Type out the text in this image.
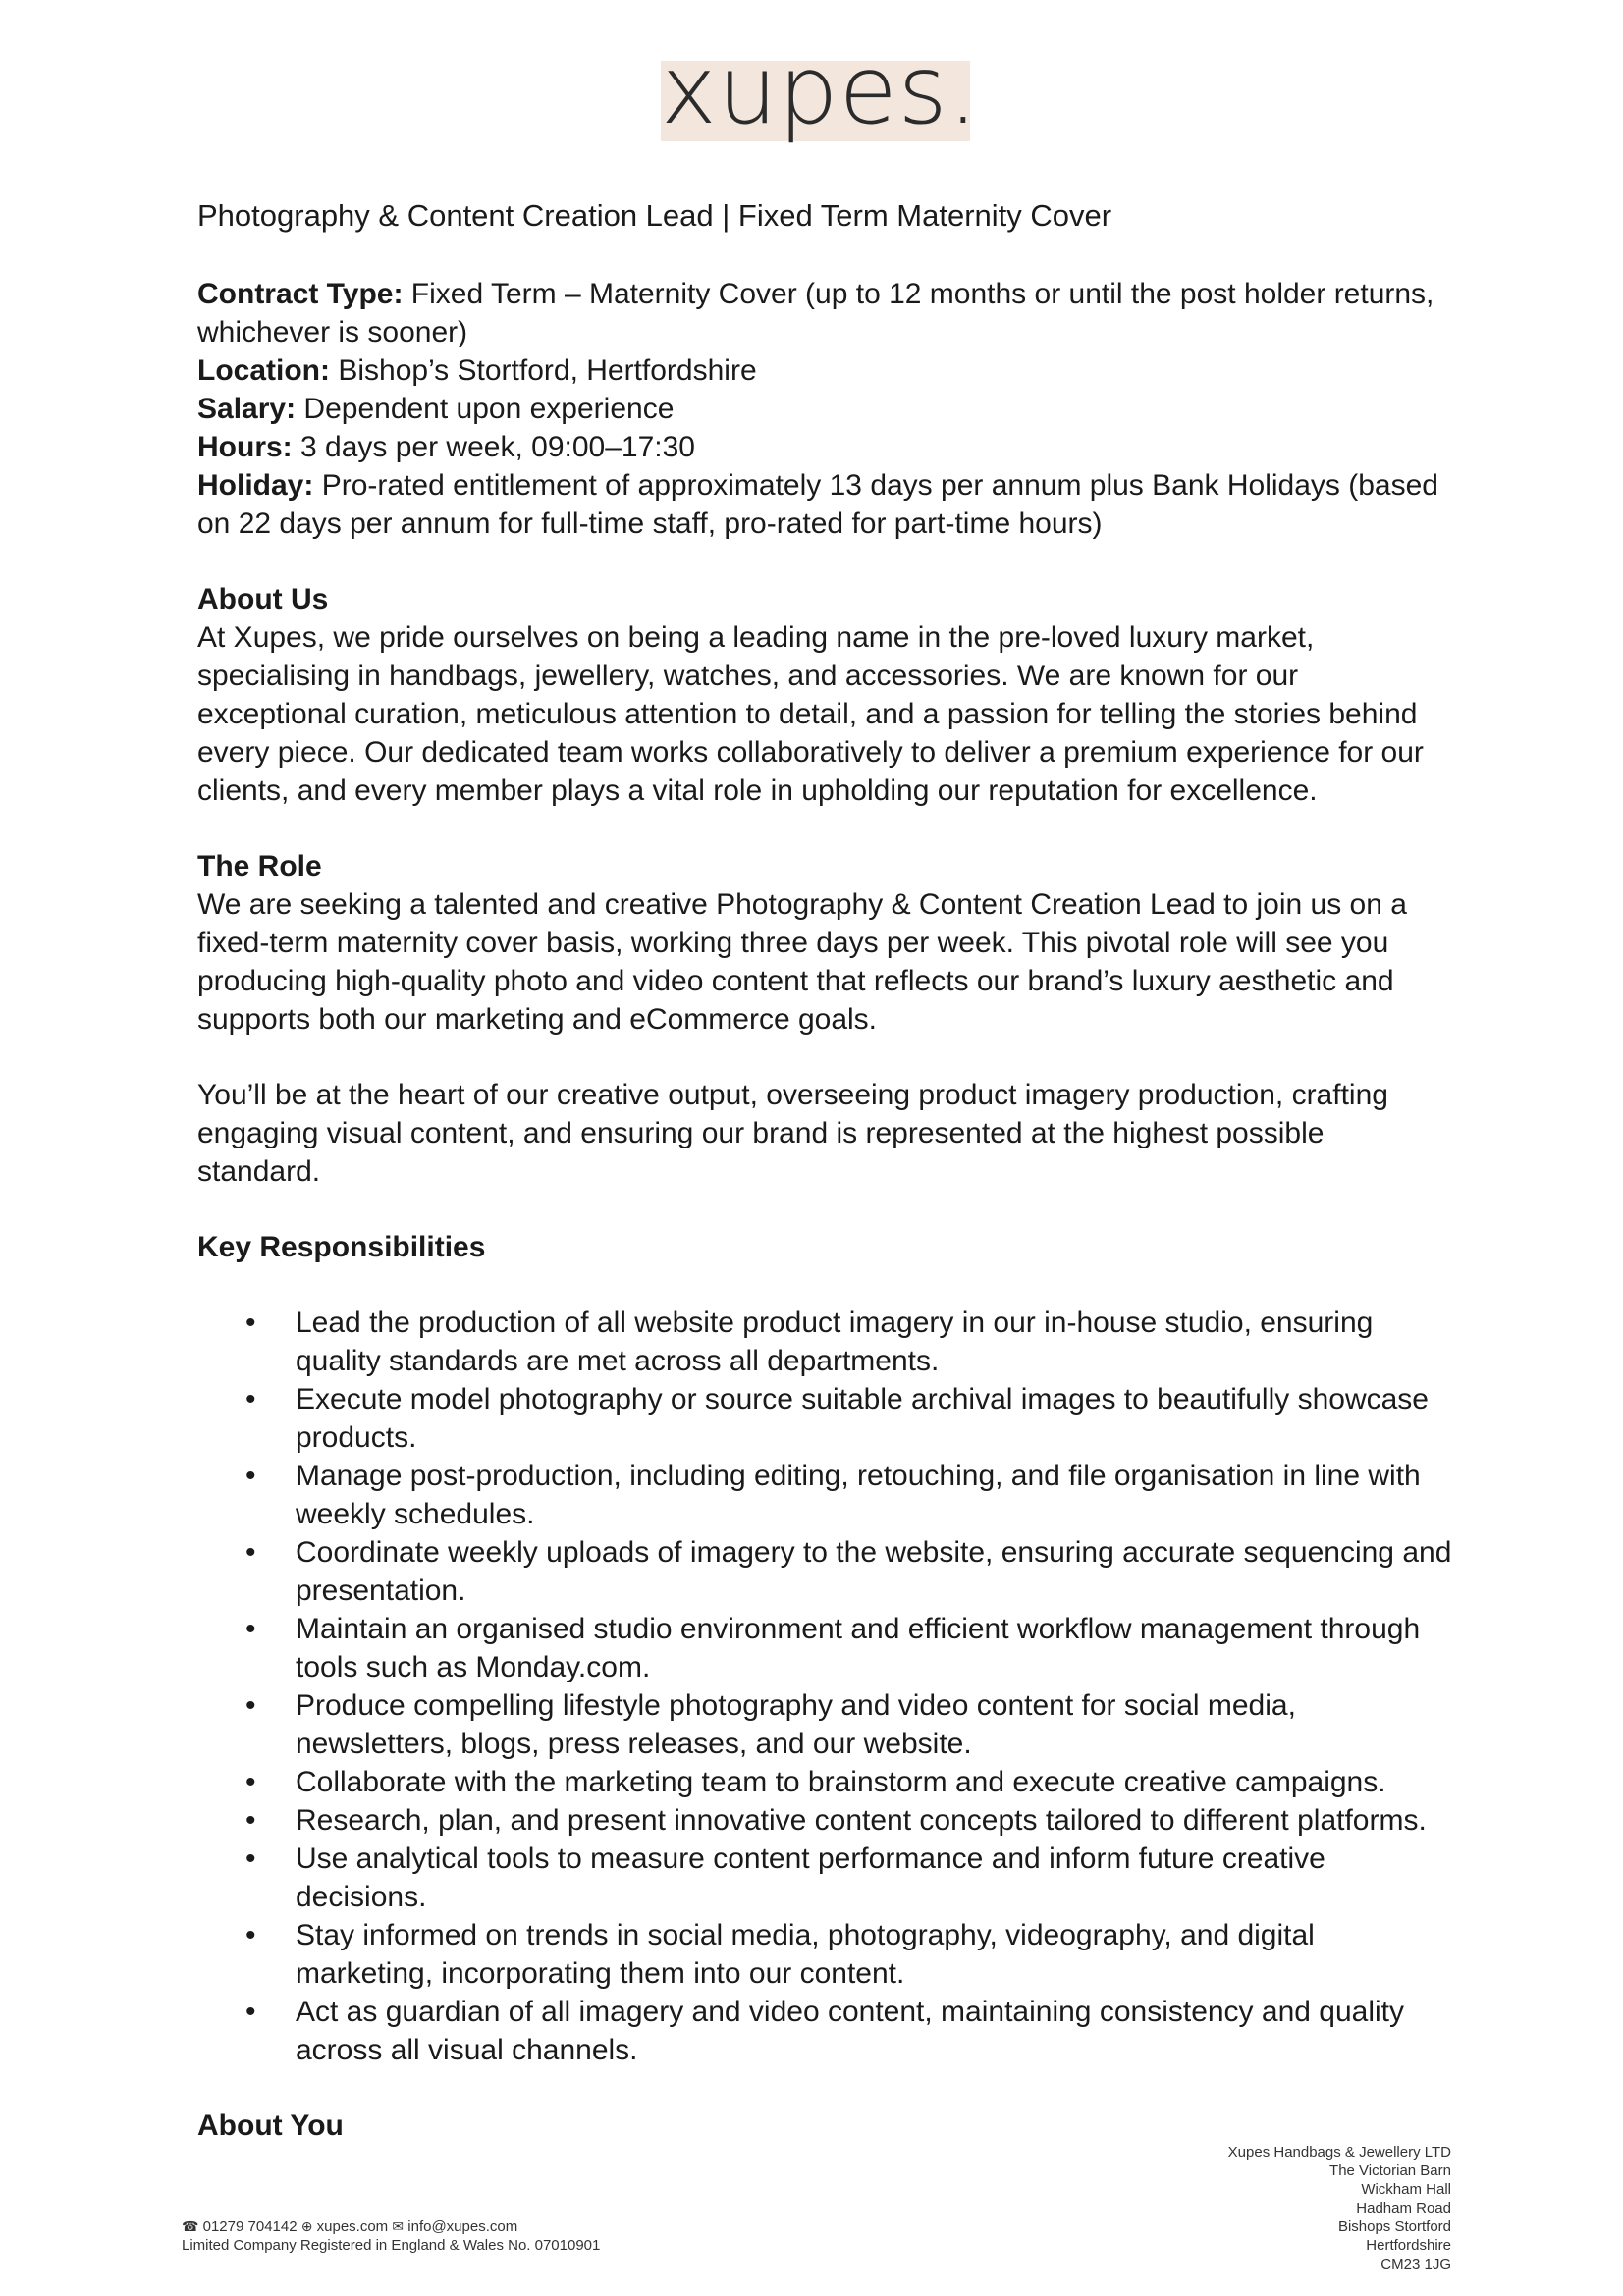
xupes.
Photography & Content Creation Lead | Fixed Term Maternity Cover

Contract Type: Fixed Term – Maternity Cover (up to 12 months or until the post holder returns, whichever is sooner)

Location: Bishop’s Stortford, Hertfordshire

Salary: Dependent upon experience

Hours: 3 days per week, 09:00–17:30

Holiday: Pro-rated entitlement of approximately 13 days per annum plus Bank Holidays (based on 22 days per annum for full-time staff, pro-rated for part-time hours)

About Us

At Xupes, we pride ourselves on being a leading name in the pre-loved luxury market, specialising in handbags, jewellery, watches, and accessories. We are known for our exceptional curation, meticulous attention to detail, and a passion for telling the stories behind every piece. Our dedicated team works collaboratively to deliver a premium experience for our clients, and every member plays a vital role in upholding our reputation for excellence.

The Role

We are seeking a talented and creative Photography & Content Creation Lead to join us on a fixed-term maternity cover basis, working three days per week. This pivotal role will see you producing high-quality photo and video content that reflects our brand’s luxury aesthetic and supports both our marketing and eCommerce goals.

You’ll be at the heart of our creative output, overseeing product imagery production, crafting engaging visual content, and ensuring our brand is represented at the highest possible standard.

Key Responsibilities
• Lead the production of all website product imagery in our in-house studio, ensuring quality standards are met across all departments.
• Execute model photography or source suitable archival images to beautifully showcase products.
• Manage post-production, including editing, retouching, and file organisation in line with weekly schedules.
• Coordinate weekly uploads of imagery to the website, ensuring accurate sequencing and presentation.
• Maintain an organised studio environment and efficient workflow management through tools such as Monday.com.
• Produce compelling lifestyle photography and video content for social media, newsletters, blogs, press releases, and our website.
• Collaborate with the marketing team to brainstorm and execute creative campaigns.
• Research, plan, and present innovative content concepts tailored to different platforms.
• Use analytical tools to measure content performance and inform future creative decisions.
• Stay informed on trends in social media, photography, videography, and digital marketing, incorporating them into our content.
• Act as guardian of all imagery and video content, maintaining consistency and quality across all visual channels.
About You
☎ 01279 704142 ⊕ xupes.com ✉ info@xupes.com
Limited Company Registered in England & Wales No. 07010901
Xupes Handbags & Jewellery LTD
The Victorian Barn
Wickham Hall
Hadham Road
Bishops Stortford
Hertfordshire
CM23 1JG
